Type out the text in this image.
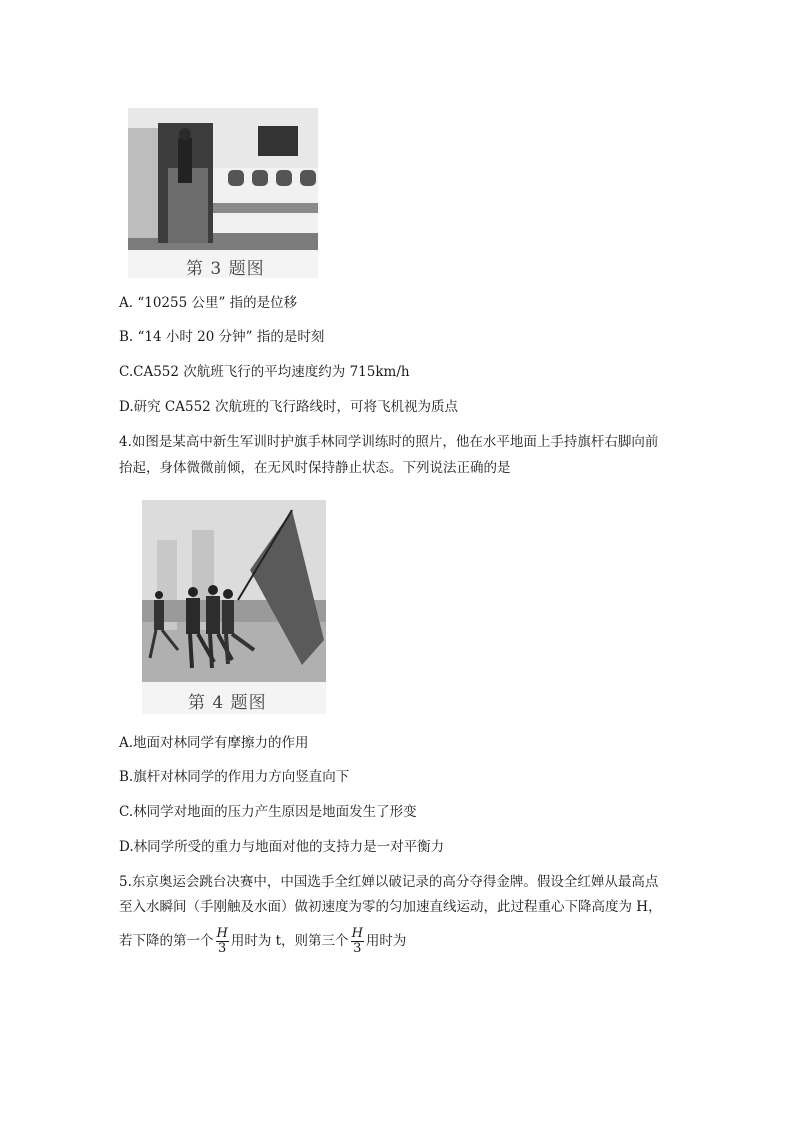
第 3 题图
A. “10255 公里” 指的是位移
B. “14 小时 20 分钟” 指的是时刻
C.CA552 次航班飞行的平均速度约为 715km/h
D.研究 CA552 次航班的飞行路线时，可将飞机视为质点
4.如图是某高中新生军训时护旗手林同学训练时的照片，他在水平地面上手持旗杆右脚向前
抬起，身体微微前倾，在无风时保持静止状态。下列说法正确的是
第 4 题图
A.地面对林同学有摩擦力的作用
B.旗杆对林同学的作用力方向竖直向下
C.林同学对地面的压力产生原因是地面发生了形变
D.林同学所受的重力与地面对他的支持力是一对平衡力
5.东京奥运会跳台决赛中，中国选手全红婵以破记录的高分夺得金牌。假设全红婵从最高点
至入水瞬间（手刚触及水面）做初速度为零的匀加速直线运动，此过程重心下降高度为 H，
若下降的第一个 $\frac{H}{3}$ 用时为 t，则第三个 $\frac{H}{3}$ 用时为
